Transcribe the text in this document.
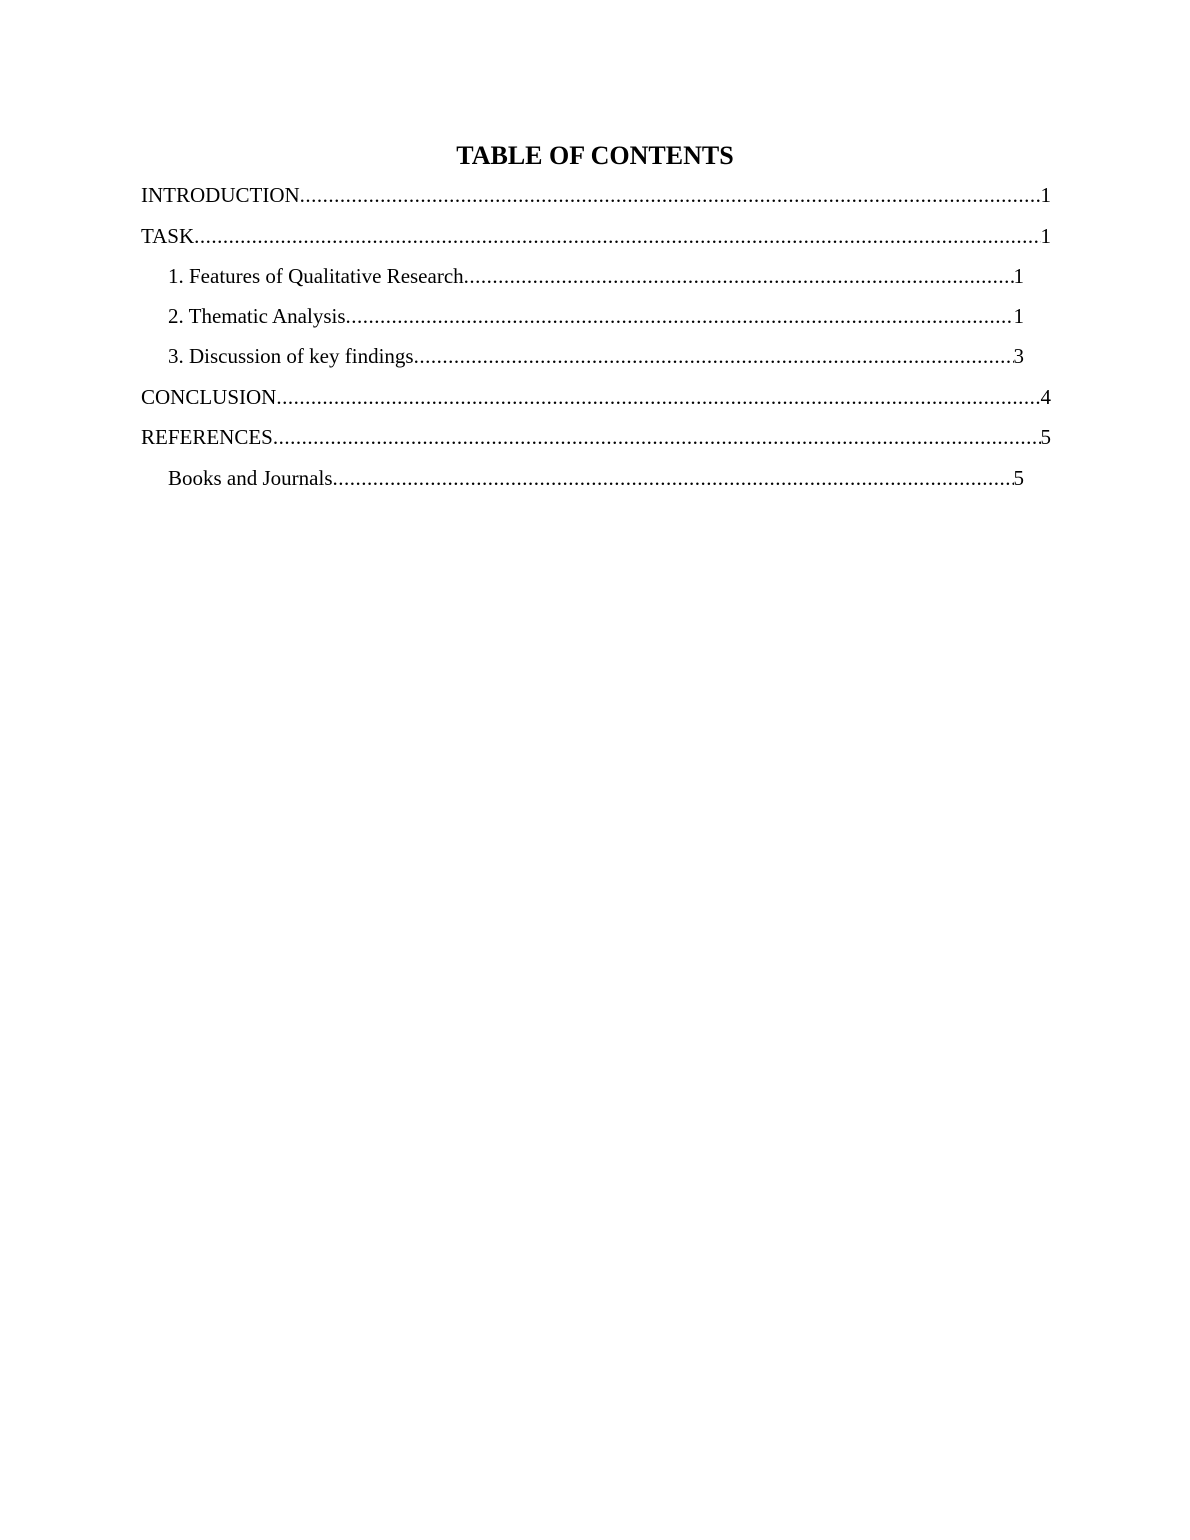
TABLE OF CONTENTS
INTRODUCTION .....	1
TASK .....	1
1. Features of Qualitative Research .....	1
2. Thematic Analysis .....	1
3. Discussion of key findings .....	3
CONCLUSION .....	4
REFERENCES .....	5
Books and Journals .....	5
